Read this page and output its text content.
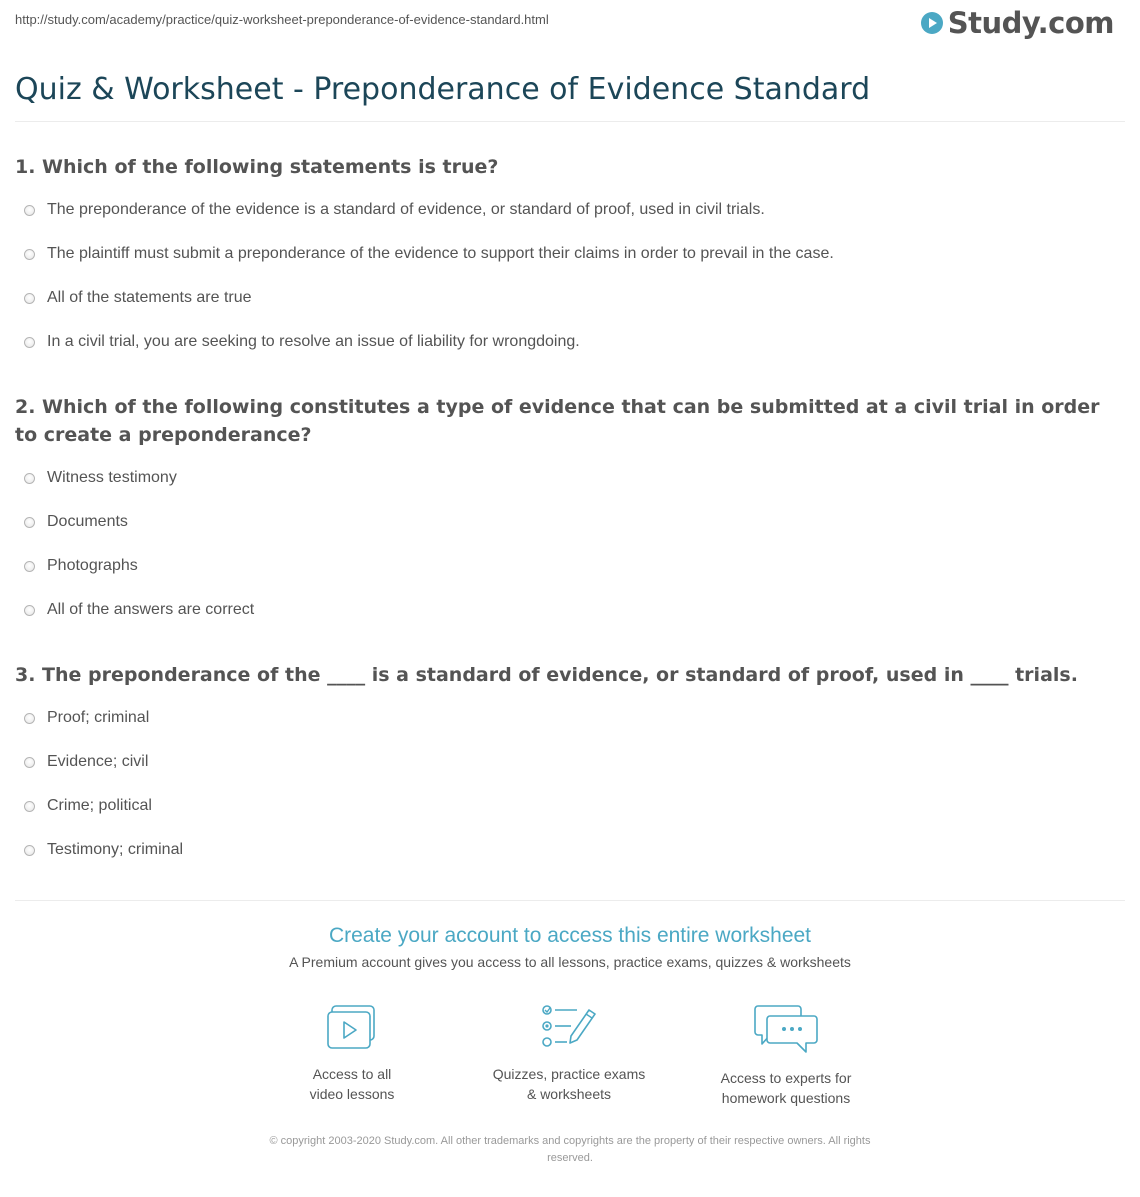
http://study.com/academy/practice/quiz-worksheet-preponderance-of-evidence-standard.html	Study.com
Quiz & Worksheet - Preponderance of Evidence Standard
1. Which of the following statements is true?
The preponderance of the evidence is a standard of evidence, or standard of proof, used in civil trials.
The plaintiff must submit a preponderance of the evidence to support their claims in order to prevail in the case.
All of the statements are true
In a civil trial, you are seeking to resolve an issue of liability for wrongdoing.
2. Which of the following constitutes a type of evidence that can be submitted at a civil trial in order to create a preponderance?
Witness testimony
Documents
Photographs
All of the answers are correct
3. The preponderance of the ____ is a standard of evidence, or standard of proof, used in ____ trials.
Proof; criminal
Evidence; civil
Crime; political
Testimony; criminal
Create your account to access this entire worksheet
A Premium account gives you access to all lessons, practice exams, quizzes & worksheets
Access to all
video lessons
Quizzes, practice exams
& worksheets
Access to experts for
homework questions
© copyright 2003-2020 Study.com. All other trademarks and copyrights are the property of their respective owners. All rights
reserved.
